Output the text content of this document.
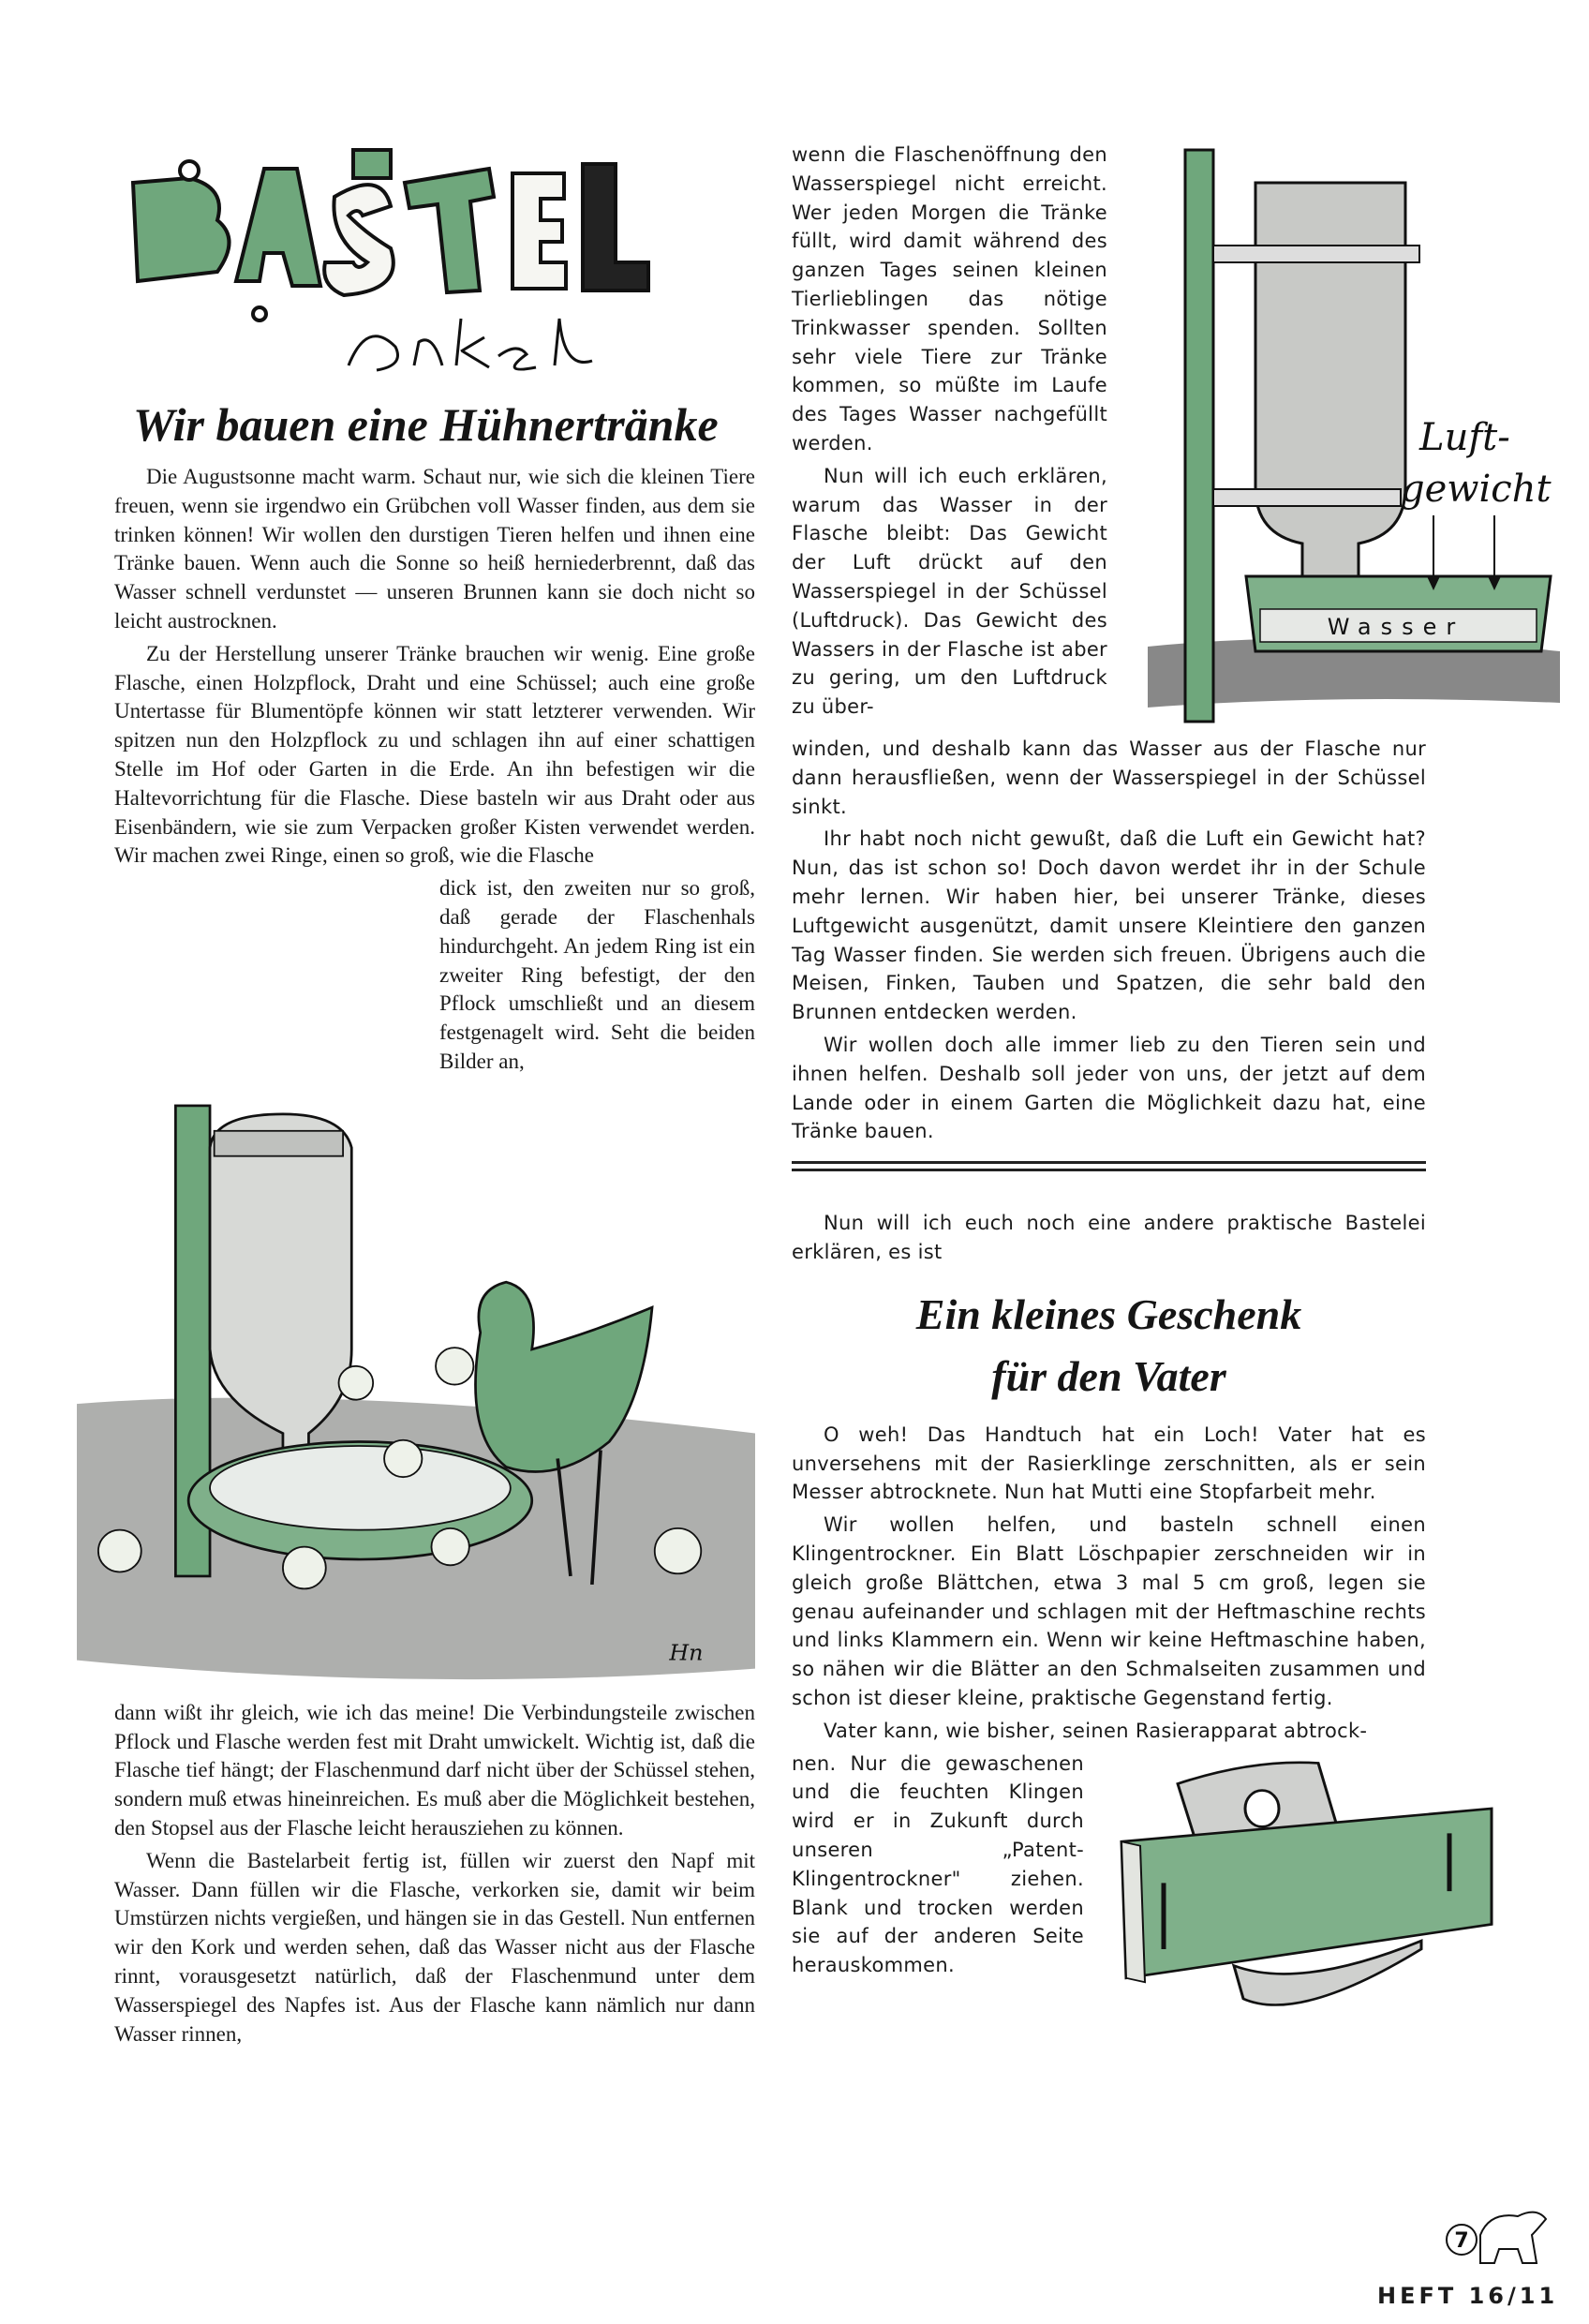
Wir bauen eine Hühnertränke

Die Augustsonne macht warm. Schaut nur, wie sich die kleinen Tiere freuen, wenn sie irgendwo ein Grübchen voll Wasser finden, aus dem sie trinken können! Wir wollen den durstigen Tieren helfen und ihnen eine Tränke bauen. Wenn auch die Sonne so heiß herniederbrennt, daß das Wasser schnell verdunstet — unseren Brunnen kann sie doch nicht so leicht austrocknen.

Zu der Herstellung unserer Tränke brauchen wir wenig. Eine große Flasche, einen Holzpflock, Draht und eine Schüssel; auch eine große Untertasse für Blumentöpfe können wir statt letzterer verwenden. Wir spitzen nun den Holzpflock zu und schlagen ihn auf einer schattigen Stelle im Hof oder Garten in die Erde. An ihn befestigen wir die Haltevorrichtung für die Flasche. Diese basteln wir aus Draht oder aus Eisenbändern, wie sie zum Verpacken großer Kisten verwendet werden. Wir machen zwei Ringe, einen so groß, wie die Flasche

dick ist, den zweiten nur so groß, daß gerade der Flaschenhals hindurchgeht. An jedem Ring ist ein zweiter Ring befestigt, der den Pflock umschließt und an diesem festgenagelt wird. Seht die beiden Bilder an,

Hn

dann wißt ihr gleich, wie ich das meine! Die Verbindungsteile zwischen Pflock und Flasche werden fest mit Draht umwickelt. Wichtig ist, daß die Flasche tief hängt; der Flaschenmund darf nicht über der Schüssel stehen, sondern muß etwas hineinreichen. Es muß aber die Möglichkeit bestehen, den Stopsel aus der Flasche leicht herausziehen zu können.

Wenn die Bastelarbeit fertig ist, füllen wir zuerst den Napf mit Wasser. Dann füllen wir die Flasche, verkorken sie, damit wir beim Umstürzen nichts vergießen, und hängen sie in das Gestell. Nun entfernen wir den Kork und werden sehen, daß das Wasser nicht aus der Flasche rinnt, vorausgesetzt natürlich, daß der Flaschenmund unter dem Wasserspiegel des Napfes ist. Aus der Flasche kann nämlich nur dann Wasser rinnen,

wenn die Flaschenöffnung den Wasserspiegel nicht erreicht. Wer jeden Morgen die Tränke füllt, wird damit während des ganzen Tages seinen kleinen Tierlieblingen das nötige Trinkwasser spenden. Sollten sehr viele Tiere zur Tränke kommen, so müßte im Laufe des Tages Wasser nachgefüllt werden.

Nun will ich euch erklären, warum das Wasser in der Flasche bleibt: Das Gewicht der Luft drückt auf den Wasserspiegel in der Schüssel (Luftdruck). Das Gewicht des Wassers in der Flasche ist aber zu gering, um den Luftdruck zu über-

Wasser
Luft-
gewicht

winden, und deshalb kann das Wasser aus der Flasche nur dann herausfließen, wenn der Wasserspiegel in der Schüssel sinkt.

Ihr habt noch nicht gewußt, daß die Luft ein Gewicht hat? Nun, das ist schon so! Doch davon werdet ihr in der Schule mehr lernen. Wir haben hier, bei unserer Tränke, dieses Luftgewicht ausgenützt, damit unsere Kleintiere den ganzen Tag Wasser finden. Sie werden sich freuen. Übrigens auch die Meisen, Finken, Tauben und Spatzen, die sehr bald den Brunnen entdecken werden.

Wir wollen doch alle immer lieb zu den Tieren sein und ihnen helfen. Deshalb soll jeder von uns, der jetzt auf dem Lande oder in einem Garten die Möglichkeit dazu hat, eine Tränke bauen.

Nun will ich euch noch eine andere praktische Bastelei erklären, es ist

Ein kleines Geschenk
für den Vater

O weh! Das Handtuch hat ein Loch! Vater hat es unversehens mit der Rasierklinge zerschnitten, als er sein Messer abtrocknete. Nun hat Mutti eine Stopfarbeit mehr.

Wir wollen helfen, und basteln schnell einen Klingentrockner. Ein Blatt Löschpapier zerschneiden wir in gleich große Blättchen, etwa 3 mal 5 cm groß, legen sie genau aufeinander und schlagen mit der Heftmaschine rechts und links Klammern ein. Wenn wir keine Heftmaschine haben, so nähen wir die Blätter an den Schmalseiten zusammen und schon ist dieser kleine, praktische Gegenstand fertig.

Vater kann, wie bisher, seinen Rasierapparat abtrock-

nen. Nur die gewaschenen und die feuchten Klingen wird er in Zukunft durch unseren „Patent-Klingentrockner" ziehen. Blank und trocken werden sie auf der anderen Seite herauskommen.

7
HEFT 16/11
